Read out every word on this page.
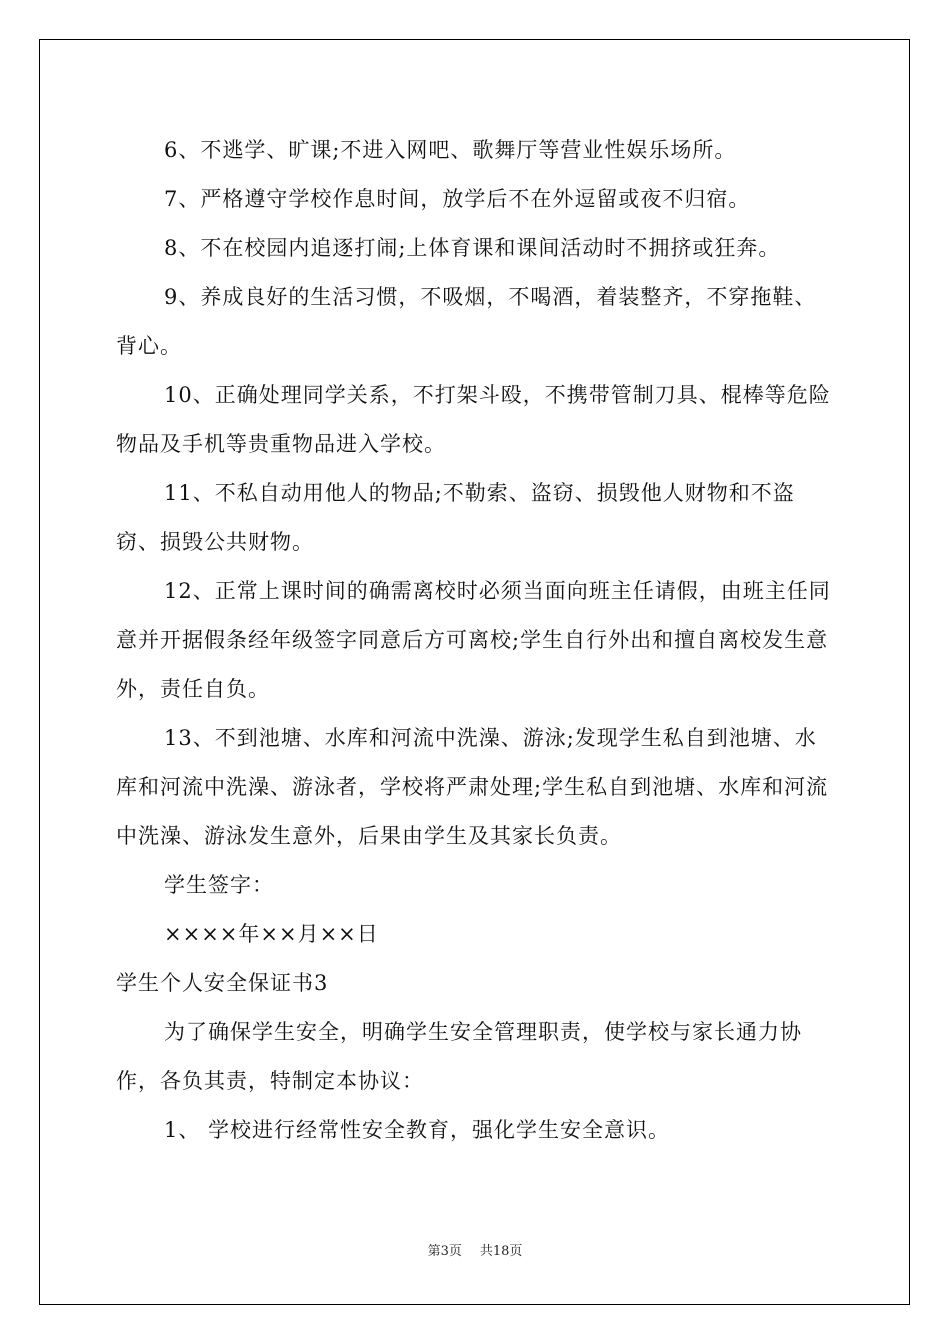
6、不逃学、旷课;不进入网吧、歌舞厅等营业性娱乐场所。

7、严格遵守学校作息时间，放学后不在外逗留或夜不归宿。

8、不在校园内追逐打闹;上体育课和课间活动时不拥挤或狂奔。

9、养成良好的生活习惯，不吸烟，不喝酒，着装整齐，不穿拖鞋、背心。

10、正确处理同学关系，不打架斗殴，不携带管制刀具、棍棒等危险物品及手机等贵重物品进入学校。

11、不私自动用他人的物品;不勒索、盗窃、损毁他人财物和不盗窃、损毁公共财物。

12、正常上课时间的确需离校时必须当面向班主任请假，由班主任同意并开据假条经年级签字同意后方可离校;学生自行外出和擅自离校发生意外，责任自负。

13、不到池塘、水库和河流中洗澡、游泳;发现学生私自到池塘、水库和河流中洗澡、游泳者，学校将严肃处理;学生私自到池塘、水库和河流中洗澡、游泳发生意外，后果由学生及其家长负责。

学生签字：

××××年××月××日

学生个人安全保证书3

为了确保学生安全，明确学生安全管理职责，使学校与家长通力协作，各负其责，特制定本协议：

1、 学校进行经常性安全教育，强化学生安全意识。

第3页 共18页
